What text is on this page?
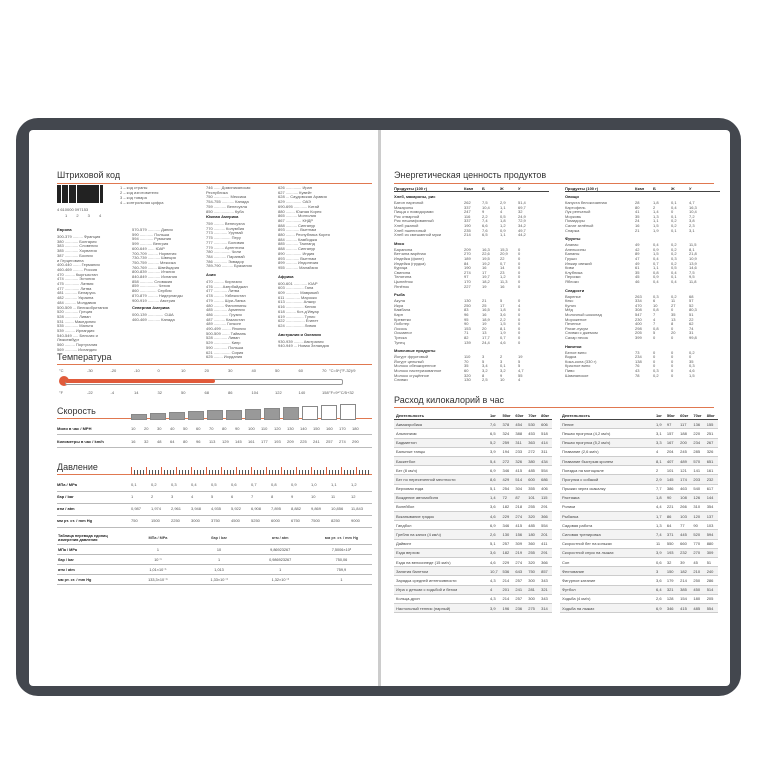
Штриховой код
4 610000 097153
1 2 3 4
1 – код страны
2 – код изготовителя
3 – код товара
4 – контрольная цифра
Европа
300-379 ......... Франция
380 ............ Болгария
383 ............ Словения
385 ............ Хорватия
387 ............ Босния
и Герцеговина
400-440 ....... Германия
460-469 ......... Россия
470 ......... Кыргызстан
474 ............ Эстония
475 ............. Латвия
477 ............. Литва
481 ........... Беларусь
482 ........... Украина
484 .......... Молдавия
500-509 ... Великобритания
520 ............ Греция
528 ............ Ливан
531 ........ Македония
535 ............ Мальта
539 ......... Ирландия
540-549 ..... Бельгия и
Люксембург
560 ......... Португалия
569 ........... Исландия
570-579 ........... Дания
590 ............ Польша
594 ............ Румыния
599 ........... Венгрия
600-649 ...... ЮАР
700-709 ......... Норвегия
730-739 ........... Швеция
750-759 .......... Мексика
760-769 ........ Швейцария
800-839 ........... Италия
840-849 ........... Испания
858 ............ Словакия
859 ................ Чехия
860 ............... Сербия
870-879 ......... Нидерланды
900-919 .......... Австрия
Северная Америка
000-139 .............. США
460-469 ........... Канада
746 ...... Доминиканская
Республика
750 .............. Мексика
754-755 ........... Канада
759 ........... Венесуэла
850 .................. Куба
Южная Америка
759 ......... Венесуэла
770 .......... Колумбия
773 ............ Уругвай
775 ............... Перу
777 ............ Боливия
779 ......... Аргентина
780 ............... Чили
784 ........... Парагвай
786 ............ Эквадор
789-790 .......... Бразилия
Азия
470 ......... Киргизия
476 ....... Азербайджан
477 ............ Литва
478 ......... Узбекистан
479 ......... Шри-Ланка
480 ......... Филиппины
485 ............ Армения
486 ............. Грузия
487 .......... Казахстан
489 ........... Гонконг
490-499 ........ Япония
500-509 ....... Тайвань
528 ............ Ливан
529 ............... Кипр
590 ............ Польша
621 ............... Сирия
625 ........ Иордания
626 .............. Иран
627 ........... Кувейт
628 ... Саудовская Аравия
629 .............. ОАЭ
690-695 ............ Китай
880 ........ Южная Корея
865 .......... Монголия
867 .............. КНДР
888 .......... Сингапур
893 ............ Вьетнам
880 ........ Республика Корея
884 .......... Камбоджа
885 ........... Таиланд
888 .......... Сингапур
890 .............. Индия
893 ............ Вьетнам
899 .......... Индонезия
955 ........... Малайзия
Африка
600-601 ............ ЮАР
603 ................ Гана
609 ............ Маврикий
611 ............. Марокко
613 ............... Алжир
616 ................ Кения
618 ......... Кот-д'Ивуар
619 ................ Тунис
622 ................. Египет
624 ................ Ливия
Австралия и Океания
930-939 ........ Австралия
940-949 ... Новая Зеландия
Температура
°C
°F
-30	-20	-10	0	10	20	30	40	50	60	70
-22	-4	14	32	50	68	86	104	122	140	158
°C=5*(°F-32)/9
°F=9*°C/5+32
Скорость
Мили в час / MPH	10 20 30 40 50 60 70 80 90 100 110 120 130 140 150 160 170 180
Километры в час / km/h	16 32 48 64 80 96 113 129 145 161 177 193 209 225 241 257 274 290
Давление
МПа / MPa	0,1	0,2	0,3	0,4	0,5	0,6	0,7	0,8	0,9	1,0	1,1	1,2
бар / bar	1	2	3	4	5	6	7	8	9	10	11	12
атм / atm	0,987 1,974 2,961 3,948 4,935 5,922 6,908 7,895 8,882 9,869 10,856 11,843
мм рт. ст. / mm Hg	750	1500	2250	3000	3750	4500	5250	6000	6750	7500	8250	9000
Таблица перевода единиц измерения давления	МПа / MPa	бар / bar	атм / atm	мм рт. ст. / mm Hg
МПа / MPa	1	10	9,86923267	7,5006×10³
бар / bar	10⁻¹	1	0,986923267	750,06
атм / atm	1,01×10⁻¹	1,013	1	759,9
мм рт. ст. / mm Hg	133,3×10⁻⁶	1,33×10⁻³	1,32×10⁻³	1
Энергетическая ценность продуктов
Продукты (100 г)	Ккал Б	Ж	У
Хлеб, макароны, рис
Батон нарезной	262	7,5	2,9	51,4
Макароны	337	10,4	1,1	69,7
Пицца с помидорами	247	9	4	32
Рис отварной	116	2,2	0,5	24,9
Рис нешлифованный	337	7,4	1,8	72,9
Хлеб ржаной	190	6,6	1,2	34,2
Хлеб пшеничный	235	7,6	0,9	49,7
Хлеб из смешанной муки	214	6,5	1,1	44,2
Мясо
Баранина	209	16,3	15,3	0
Ветчина варёная	270	22,6	20,9	0
Индейка (филе)	189	19,5	22	0
Индейка (грудка)	84	19,2	0,7	0
Курица	190	16	14	0
Свинина	274	17	23	0
Телятина	97	19,7	1,2	0
Цыплёнок	170	18,2	11,3	0
Ягнёнок	227	19	16	0
Рыба
Акула	130	21	5	0
Икра	250	25	17	4
Камбала	83	16,5	1,8	0
Карп	96	16	3,6	0
Креветки	95	18,9	2,2	0
Лобстер	90	19	1,5	0
Лосось	153	20	8,1	0
Осьминог	71	13	1,9	0
Треска	82	17,7	0,7	0
Тунец	139	24,4	4,6	0
Молочные продукты
Йогурт фруктовый	110	3	2	19
Йогурт цельный	70	5	3	5
Молоко обезжиренное	35	3,4	0,1	5
Молоко пастеризованное	60	3,2	3,2	4,7
Молоко сгущённое	320	8	9	55
Сливки	130	2,5	10	4
Продукты (100 г)	Ккал Б	Ж	У
Овощи
Капуста белокочанная	28	1,8	0,1	4,7
Картофель	80	2	0,4	16,3
Лук репчатый	41	1,4	0	10,4
Морковь	35	1,3	0,1	7,2
Помидоры	24	1,1	0,2	3,8
Салат зелёный	16	1,5	0,2	2,3
Спаржа	21	1,9	0,1	3,1
Фрукты
Ананас	49	0,4	0,2	11,5
Апельсины	42	0,9	0,2	8,1
Бананы	89	1,5	0,2	21,8
Груши	47	0,4	0,3	10,9
Инжир свежий	49	0,7	0,2	13,9
Киви	61	1,1	0,5	14,6
Клубника	35	0,8	0,4	7,5
Персики	45	0,9	0,1	9,5
Яблоки	46	0,4	0,4	11,8
Сладости
Варенье	263	0,3	0,2	68
Кекс	334	6	11	57
Кулич	470	10	27	52
Мёд	308	0,8	0	80,3
Молочный шоколад	547	7	35	51
Мороженое	230	4	13	22
Печенье	400	7	8	62
Рахат-лукум	298	0,8	0	74
Сливки с джемом	205	5	20	31
Сахар песок	399	0	0	99,8
Напитки
Белое вино	73	0	0	0,2
Водка	234	0	0	0
Кока-кола (330 г)	138	0	0	35
Красное вино	76	0	0	0,3
Пиво	43	0,3	0	4,6
Шампанское	78	0,2	0	1,5
Расход килокалорий в час
Деятельность	1кг	50кг	60кг	70кг	80кг
Аквааэробика	7,6	378	454	530	606
Альпинизм	6,5	324	388	453	518
Бадминтон	5,2	259	311	363	414
Бальные танцы	3,9	194	233	272	311
Баскетбол	5,4	272	326	380	434
Бег (8 км/ч)	6,9	346	415	485	554
Бег по пересеченной местности	8,6	429	514	600	686
Верховая езда	5,1	254	304	355	406
Вождение автомобиля	1,4	72	87	101	115
Волейбол	3,6	182	218	255	291
Вскапывание грядок	4,6	229	274	320	366
Гандбол	6,9	346	415	485	554
Гребля на каноэ (4 км/ч)	2,6	130	156	180	201
Дайвинг	5,1	257	309	360	411
Езда верхом	3,6	182	219	255	291
Езда на велосипеде (15 км/ч)	4,6	229	274	320	366
Занятия балетом	10,7	536	643	750	857
Зарядка средней интенсивности	4,3	214	257	300	343
Игра с детьми с ходьбой и бегом	4	201	241	281	321
Кольца-дрон	4,3	214	257	300	343
Настольный теннис (парный)	3,9	196	236	275	314
Деятельность	1кг	50кг	60кг	70кг	80кг
Пение	1,9	97	117	136	155
Пешая прогулка (4,2 км/ч)	3,1	157	188	220	251
Пешая прогулка (5,2 км/ч)	3,3	167	200	234	267
Плавание (2,6 км/ч)	4	204	245	285	326
Плавание быстрым кролем	8,1	407	489	570	651
Поездка на мотоцикле	2	101	121	141	161
Прогулка с собакой	2,9	145	174	203	232
Прыжки через скакалку	7,7	386	463	540	617
Растяжка	1,8	90	108	126	144
Ролики	4,4	221	266	310	354
Рыбалка	1,7	86	103	120	137
Садовая работа	1,3	64	77	90	103
Силовая тренировка	7,4	371	445	520	594
Скоростной бег на коньках	11	550	660	770	880
Скоростной спуск на лыжах	3,9	193	232	270	309
Сон	0,6	32	39	45	51
Фехтование	3	150	182	210	240
Фигурное катание	3,6	179	214	250	286
Футбол	6,4	321	385	450	514
Ходьба (4 км/ч)	2,6	128	154	180	205
Ходьба на лыжах	6,9	346	415	485	554
